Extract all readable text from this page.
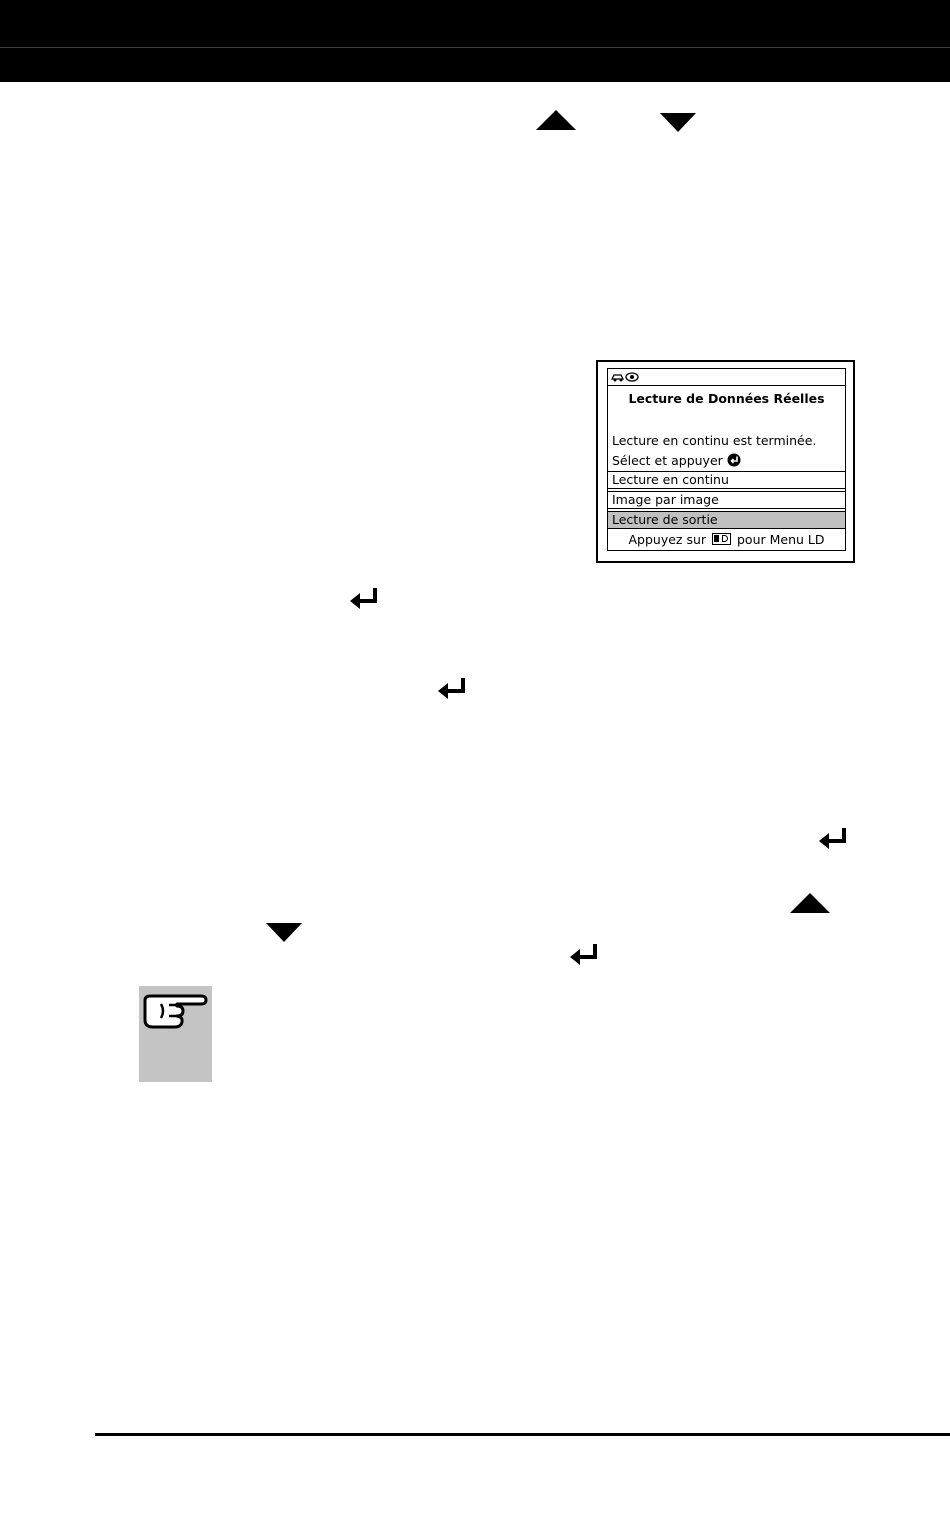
Lecture de Données Réelles
Lecture en continu est terminée.
Sélect et appuyer
Lecture en continu
Image par image
Lecture de sortie
Appuyez sur pour Menu LD
